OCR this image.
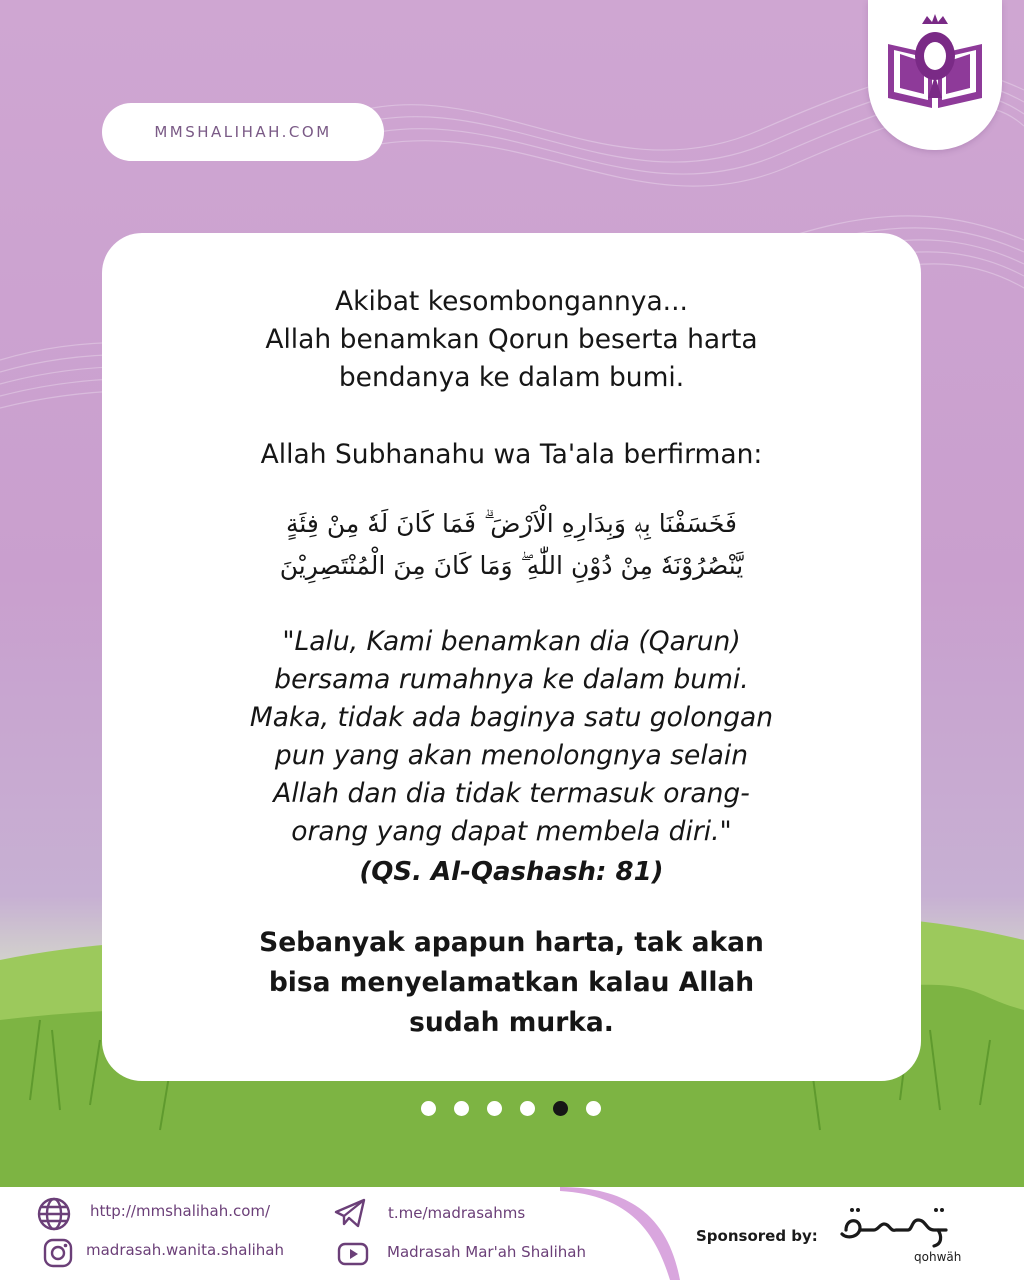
MMSHALIHAH.COM
Akibat kesombongannya...
Allah benamkan Qorun beserta harta
bendanya ke dalam bumi.
Allah Subhanahu wa Ta'ala berfirman:
فَخَسَفْنَا بِهٖ وَبِدَارِهِ الْاَرْضَ ۗ فَمَا كَانَ لَهٗ مِنْ فِئَةٍ
يَّنْصُرُوْنَهٗ مِنْ دُوْنِ اللّٰهِ ۖ وَمَا كَانَ مِنَ الْمُنْتَصِرِيْنَ
"Lalu, Kami benamkan dia (Qarun)
bersama rumahnya ke dalam bumi.
Maka, tidak ada baginya satu golongan
pun yang akan menolongnya selain
Allah dan dia tidak termasuk orang-
orang yang dapat membela diri."
(QS. Al-Qashash: 81)
Sebanyak apapun harta, tak akan
bisa menyelamatkan kalau Allah
sudah murka.
http://mmshalihah.com/	t.me/madrasahms
madrasah.wanita.shalihah	Madrasah Mar'ah Shalihah
Sponsored by:
qohwäh
